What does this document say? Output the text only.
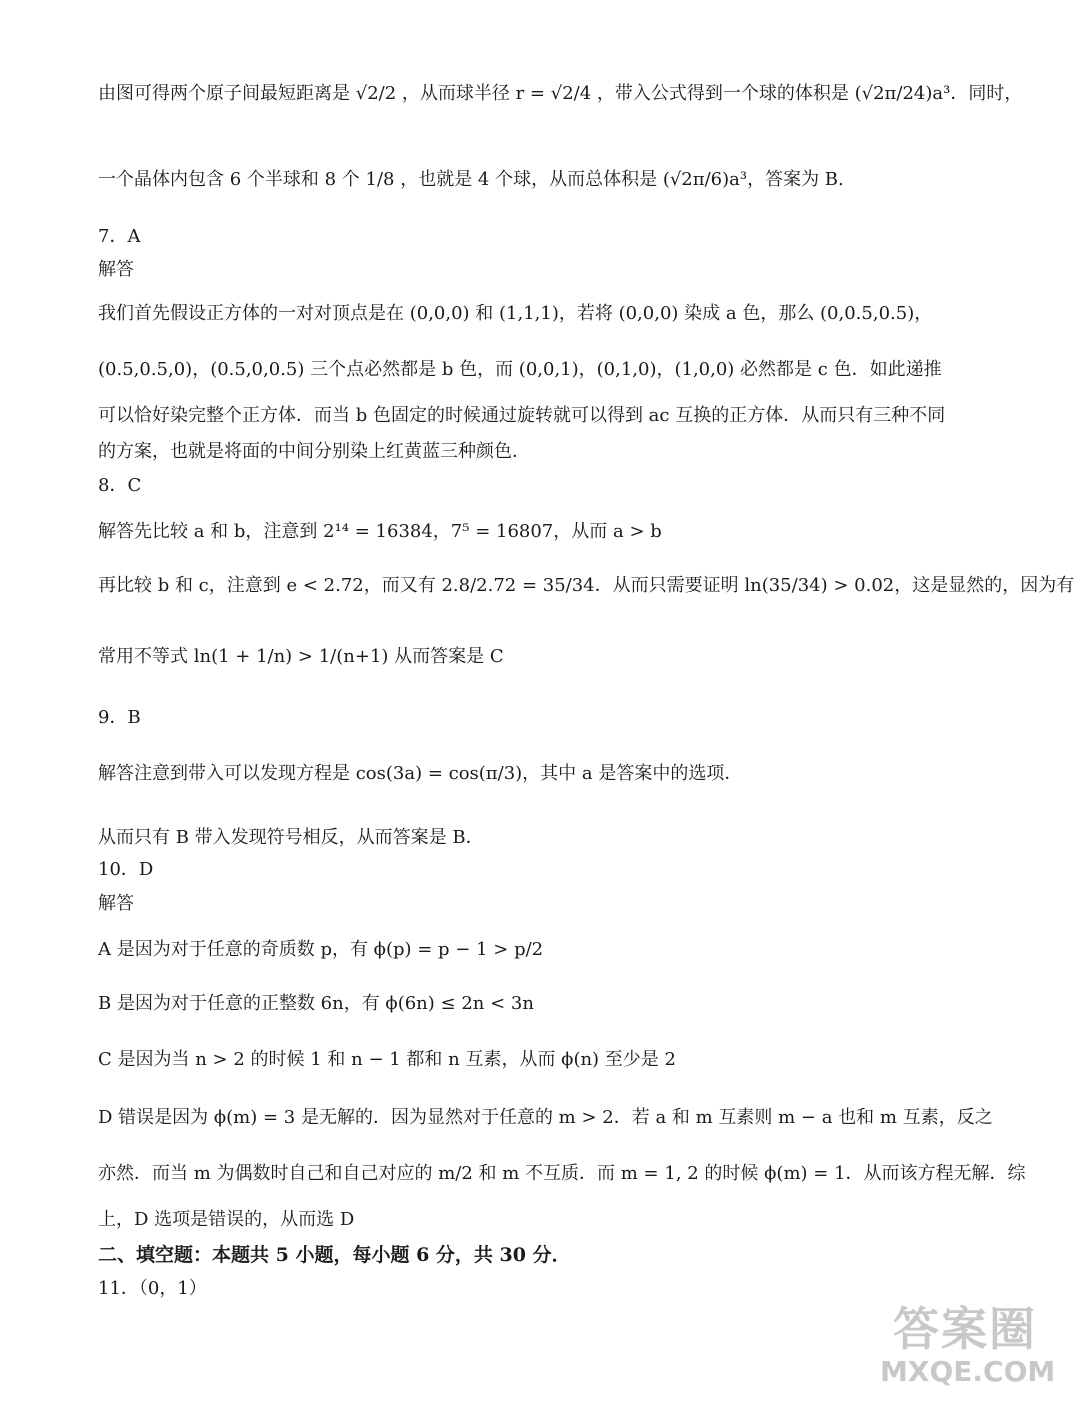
由图可得两个原子间最短距离是 √2/2 ，从而球半径 r = √2/4 ，带入公式得到一个球的体积是 (√2π/24)a³．同时，
一个晶体内包含 6 个半球和 8 个 1/8 ，也就是 4 个球，从而总体积是 (√2π/6)a³，答案为 B.
7．A
解答
我们首先假设正方体的一对对顶点是在 (0,0,0) 和 (1,1,1)，若将 (0,0,0) 染成 a 色，那么 (0,0.5,0.5)，
(0.5,0.5,0)，(0.5,0,0.5) 三个点必然都是 b 色，而 (0,0,1)，(0,1,0)，(1,0,0) 必然都是 c 色．如此递推
可以恰好染完整个正方体．而当 b 色固定的时候通过旋转就可以得到 ac 互换的正方体．从而只有三种不同
的方案，也就是将面的中间分别染上红黄蓝三种颜色．
8．C
解答先比较 a 和 b，注意到 2¹⁴ = 16384，7⁵ = 16807，从而 a > b
再比较 b 和 c，注意到 e < 2.72，而又有 2.8/2.72 = 35/34．从而只需要证明 ln(35/34) > 0.02，这是显然的，因为有
常用不等式 ln(1 + 1/n) > 1/(n+1) 从而答案是 C
9．B
解答注意到带入可以发现方程是 cos(3a) = cos(π/3)，其中 a 是答案中的选项．
从而只有 B 带入发现符号相反，从而答案是 B．
10．D
解答
A 是因为对于任意的奇质数 p，有 ϕ(p) = p − 1 > p/2
B 是因为对于任意的正整数 6n，有 ϕ(6n) ≤ 2n < 3n
C 是因为当 n > 2 的时候 1 和 n − 1 都和 n 互素，从而 ϕ(n) 至少是 2
D 错误是因为 ϕ(m) = 3 是无解的．因为显然对于任意的 m > 2．若 a 和 m 互素则 m − a 也和 m 互素，反之
亦然．而当 m 为偶数时自己和自己对应的 m/2 和 m 不互质．而 m = 1, 2 的时候 ϕ(m) = 1．从而该方程无解．综
上，D 选项是错误的，从而选 D
二、填空题：本题共 5 小题，每小题 6 分，共 30 分．
11．（0，1）
答案圈
MXQE.COM
